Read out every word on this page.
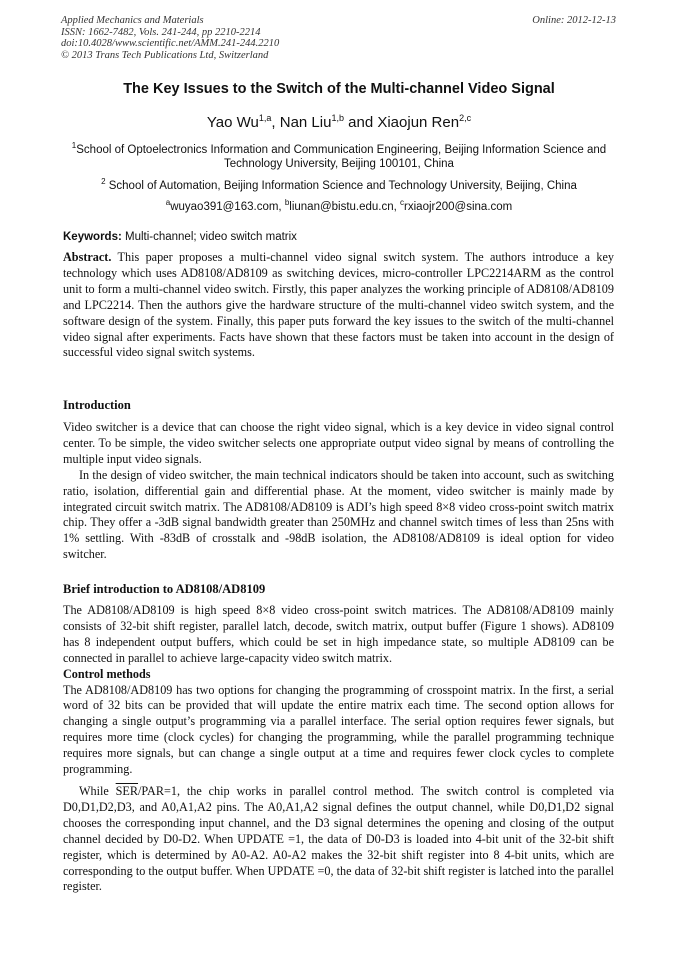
Applied Mechanics and Materials
ISSN: 1662-7482, Vols. 241-244, pp 2210-2214
doi:10.4028/www.scientific.net/AMM.241-244.2210
© 2013 Trans Tech Publications Ltd, Switzerland
Online: 2012-12-13
The Key Issues to the Switch of the Multi-channel Video Signal
Yao Wu$^{1,a}$, Nan Liu$^{1,b}$ and Xiaojun Ren$^{2,c}$
$^1$School of Optoelectronics Information and Communication Engineering, Beijing Information Science and Technology University, Beijing 100101, China
$^2$ School of Automation, Beijing Information Science and Technology University, Beijing, China
$^a$wuyao391@163.com, $^b$liunan@bistu.edu.cn, $^c$rxiaojr200@sina.com
Keywords: Multi-channel; video switch matrix

Abstract. This paper proposes a multi-channel video signal switch system. The authors introduce a key technology which uses AD8108/AD8109 as switching devices, micro-controller LPC2214ARM as the control unit to form a multi-channel video switch. Firstly, this paper analyzes the working principle of AD8108/AD8109 and LPC2214. Then the authors give the hardware structure of the multi-channel video switch system, and the software design of the system. Finally, this paper puts forward the key issues to the switch of the multi-channel video signal after experiments. Facts have shown that these factors must be taken into account in the design of successful video signal switch systems.

Introduction

Video switcher is a device that can choose the right video signal, which is a key device in video signal control center. To be simple, the video switcher selects one appropriate output video signal by means of controlling the multiple input video signals.

In the design of video switcher, the main technical indicators should be taken into account, such as switching ratio, isolation, differential gain and differential phase. At the moment, video switcher is mainly made by integrated circuit switch matrix. The AD8108/AD8109 is ADI’s high speed 8×8 video cross-point switch matrix chip. They offer a -3dB signal bandwidth greater than 250MHz and channel switch times of less than 25ns with 1% settling. With -83dB of crosstalk and -98dB isolation, the AD8108/AD8109 is ideal option for video switcher.

Brief introduction to AD8108/AD8109

The AD8108/AD8109 is high speed 8×8 video cross-point switch matrices. The AD8108/AD8109 mainly consists of 32-bit shift register, parallel latch, decode, switch matrix, output buffer (Figure 1 shows). AD8109 has 8 independent output buffers, which could be set in high impedance state, so multiple AD8109 can be connected in parallel to achieve large-capacity video switch matrix.

Control methods

The AD8108/AD8109 has two options for changing the programming of crosspoint matrix. In the first, a serial word of 32 bits can be provided that will update the entire matrix each time. The second option allows for changing a single output’s programming via a parallel interface. The serial option requires fewer signals, but requires more time (clock cycles) for changing the programming, while the parallel programming technique requires more signals, but can change a single output at a time and requires fewer clock cycles to complete programming.

While $\overline{SER}/PAR=1$, the chip works in parallel control method. The switch control is completed via D0,D1,D2,D3, and A0,A1,A2 pins. The A0,A1,A2 signal defines the output channel, while D0,D1,D2 signal chooses the corresponding input channel, and the D3 signal determines the opening and closing of the output channel decided by D0-D2. When UPDATE =1, the data of D0-D3 is loaded into 4-bit unit of the 32-bit shift register, which is determined by A0-A2. A0-A2 makes the 32-bit shift register into 8 4-bit units, which are corresponding to the output buffer. When UPDATE =0, the data of 32-bit shift register is latched into the parallel register.
